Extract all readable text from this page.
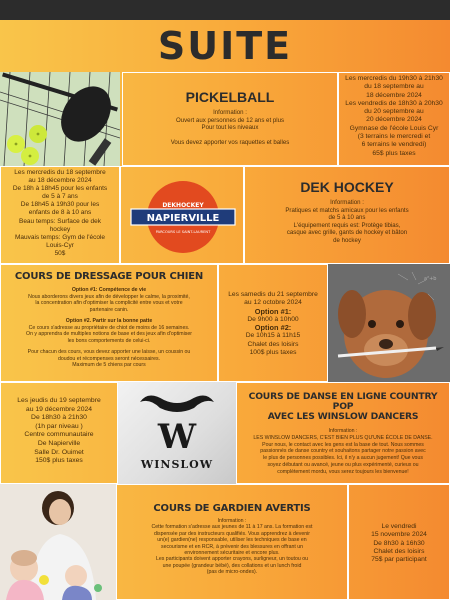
SUITE
PICKELBALL

Information :

Ouvert aux personnes de 12 ans et plus

Pour tout les niveaux

Vous devez apporter vos raquettes et balles

Les mercredis du 19h30 à 21h30

du 18 septembre au

18 décembre 2024

Les vendredis de 18h30 à 20h30

du 20 septembre au

20 décembre 2024

Gymnase de l'école Louis Cyr

(3 terrains le mercredi et

6 terrains le vendredi)

65$ plus taxes

Les mercredis du 18 septembre

au 18 décembre 2024

De 18h à 18h45 pour les enfants

de 5 à 7 ans

De 18h45 à 19h30 pour les

enfants de 8 à 10 ans

Beau temps: Surface de dek

hockey

Mauvais temps: Gym de l'école

Louis-Cyr

50$

DEKHOCKEY
NAPIERVILLE
PARCOURS LE SAINT-LAURENT
DEK HOCKEY

Information :

Pratiques et matchs amicaux pour les enfants

de 5 à 10 ans

L'équipement requis est: Protège tibias,

casque avec grille, gants de hockey et bâton

de hockey

COURS DE DRESSAGE POUR CHIEN

Option #1: Compétence de vie

Nous aborderons divers jeux afin de développer le calme, la proximité,

la concentration afin d'optimiser la complicité entre vous et votre

partenaire canin.

Option #2. Partir sur la bonne patte

Ce cours s'adresse au propriétaire de chiot de moins de 16 semaines.

On y apprendra de multiples notions de base et des jeux afin d'optimiser

les bons comportements de celui-ci.

Pour chacun des cours, vous devez apporter une laisse, un coussin ou

doudou et récompenses seront nécessaires.

Maximum de 5 chiens par cours

Les samedis du 21 septembre

au 12 octobre 2024

Option #1:

De 9h00 à 10h00

Option #2:

De 10h15 à 11h15

Chalet des loisirs

100$ plus taxes

a²+b

Les jeudis du 19 septembre

au 19 décembre 2024

De 18h30 à 21h30

(1h par niveau )

Centre communautaire

De Napierville

Salle Dr. Ouimet

150$ plus taxes

W
WINSLOW

COURS DE DANSE EN LIGNE COUNTRY POP

AVEC LES WINSLOW DANCERS

Information :

LES WINSLOW DANCERS, C'EST BIEN PLUS QU'UNE ÉCOLE DE DANSE.

Pour nous, le contact avec les gens est la base de tout. Nous sommes

passionnés de danse country et souhaitons partager notre passion avec

le plus de personnes possibles. Ici, il n'y a aucun jugement! Que vous

soyez débutant ou avancé, jeune ou plus expérimenté, curieux ou

complètement mordu, vous serez toujours les bienvenue!

COURS DE GARDIEN AVERTIS

Information :

Cette formation s'adresse aux jeunes de 11 à 17 ans. La formation est

dispensée par des instructeurs qualifiés. Vous apprendrez à devenir

un(e) gardien(ne) responsable, utiliser les techniques de base en

secourisme et en RCR, à prévenir des blessures en offrant un

environnement sécuritaire et encore plus.

Les participants doivent apporter crayons, surligneur, un toutou ou

une poupée (grandeur bébé), des collations et un lunch froid

(pas de micro-ondes).

Le vendredi

15 novembre 2024

De 8h30 à 16h30

Chalet des loisirs

75$ par participant
